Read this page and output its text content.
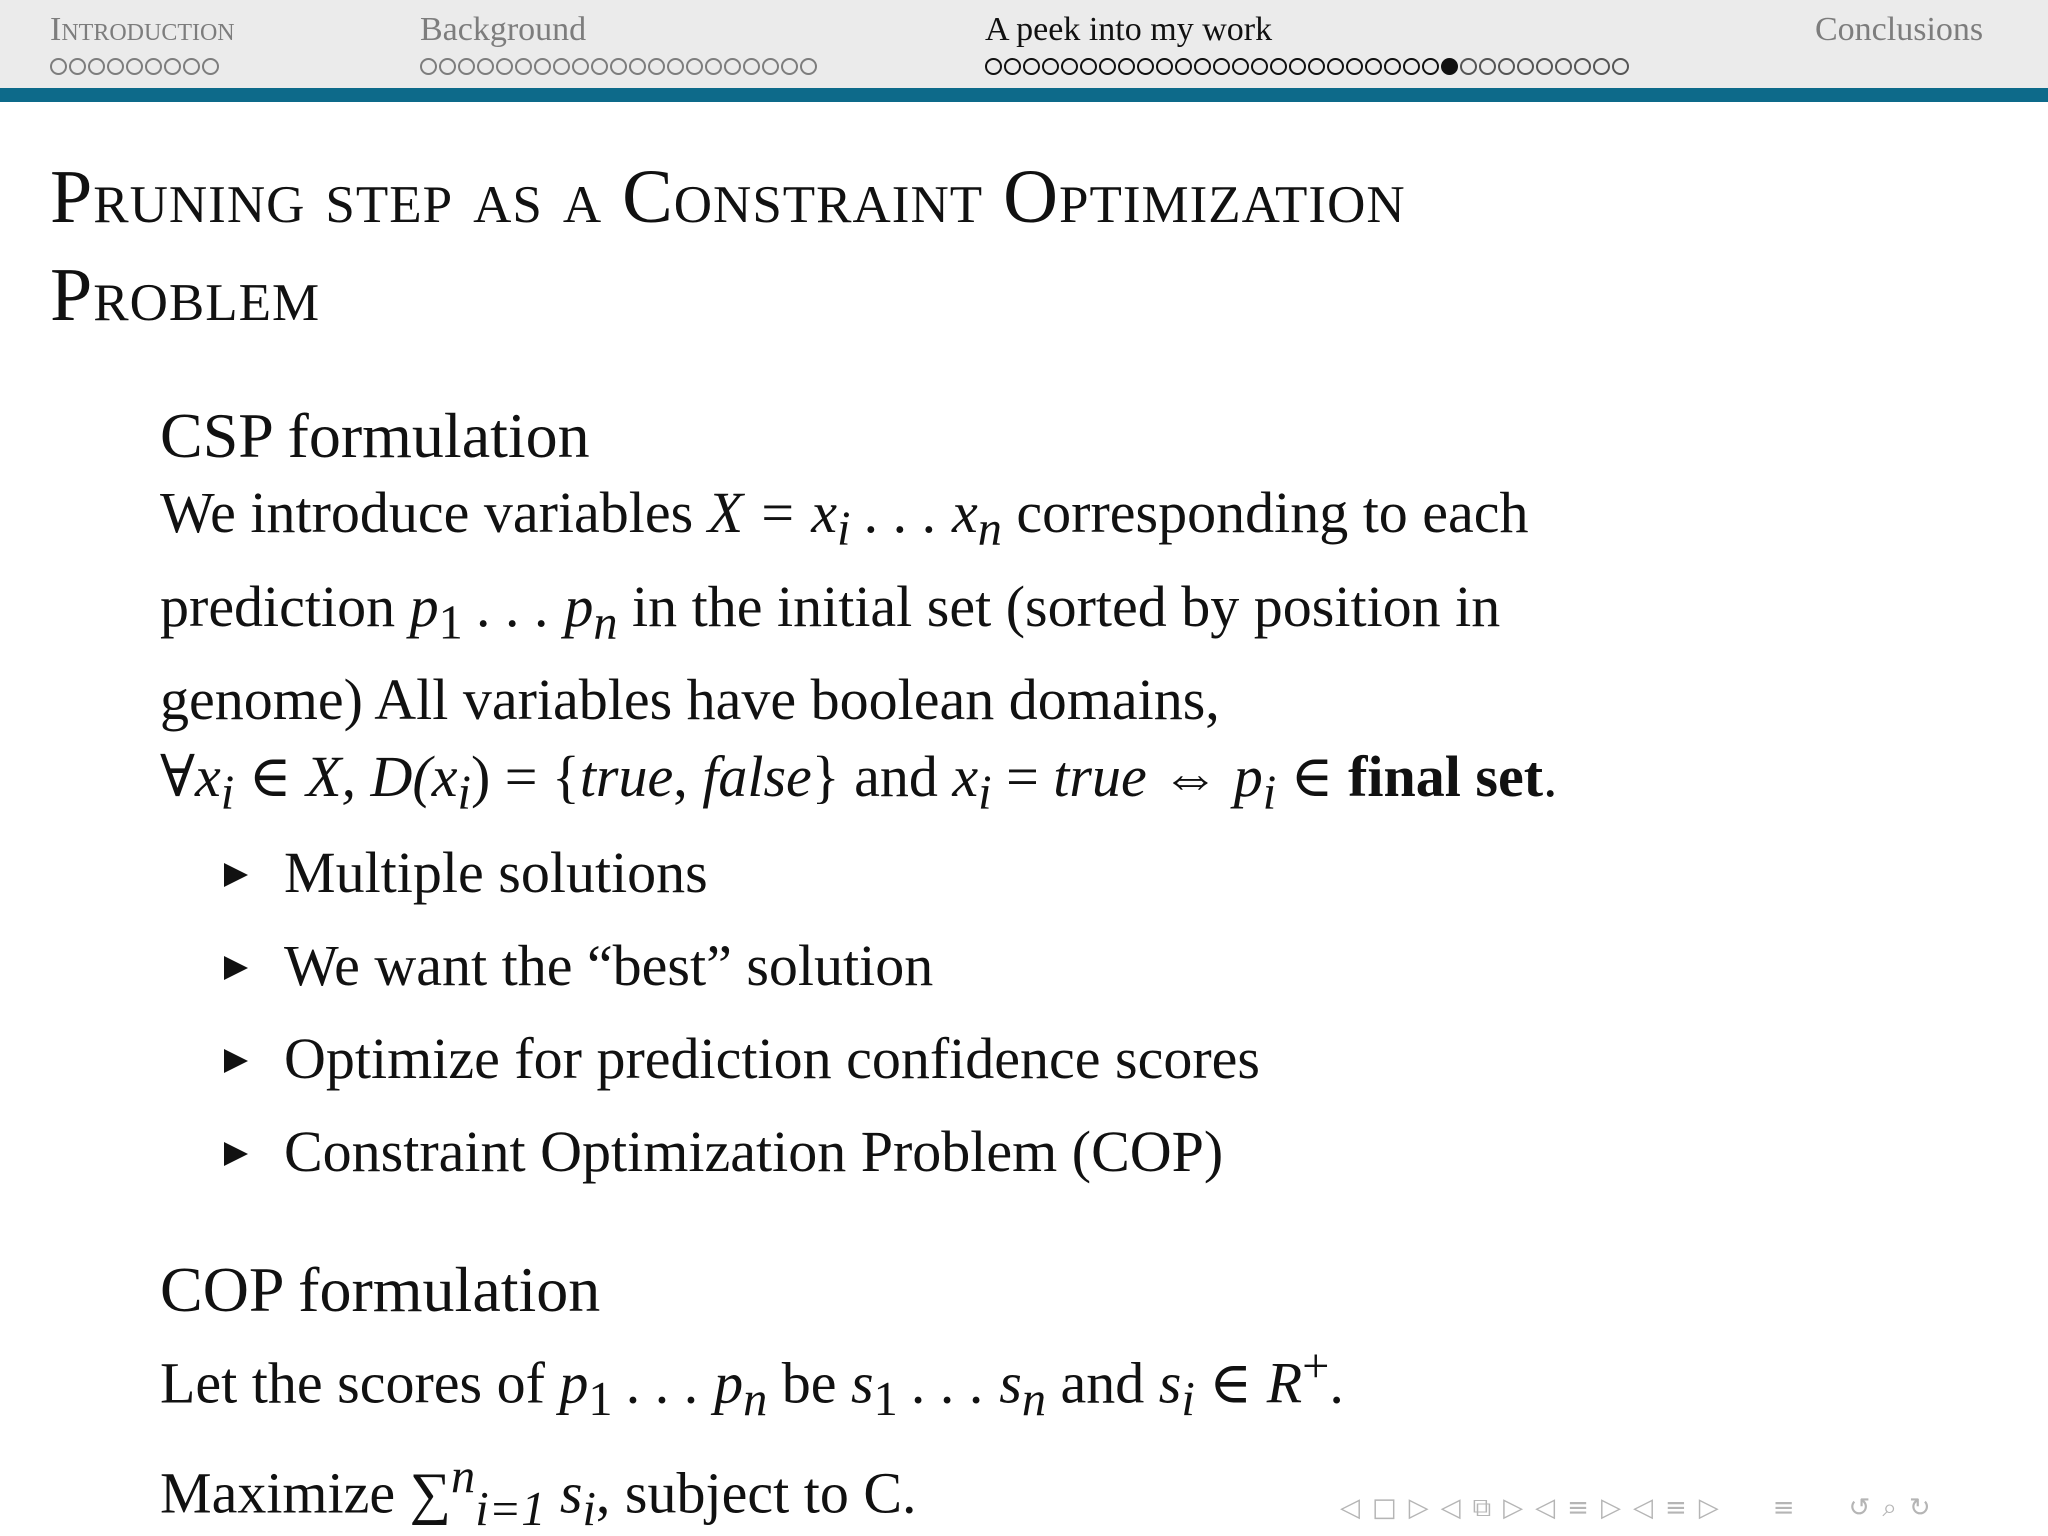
Introduction	Background	A peek into my work	Conclusions
Pruning step as a Constraint Optimization
Problem
CSP formulation
We introduce variables $X = x_i$ . . . $x_n$ corresponding to each
prediction $p_1$ . . . $p_n$ in the initial set (sorted by position in
genome) All variables have boolean domains,
$\forall x_i$ ∈ X, $D(x_i)$ = {true, false} and $x_i$ = true ⇔ $p_i$ ∈ final set.
Multiple solutions
We want the “best” solution
Optimize for prediction confidence scores
Constraint Optimization Problem (COP)
COP formulation
Let the scores of $p_1$ . . . $p_n$ be $s_1$ . . . $s_n$ and $s_i$ ∈ R+.
Maximize ∑$^n_{i=1}$ $s_i$, subject to C.	◁ □ ▷ ◁ ⧉ ▷ ◁ ≡ ▷ ◁ ≡ ▷ ≡ ↺ ⌕ ↻
